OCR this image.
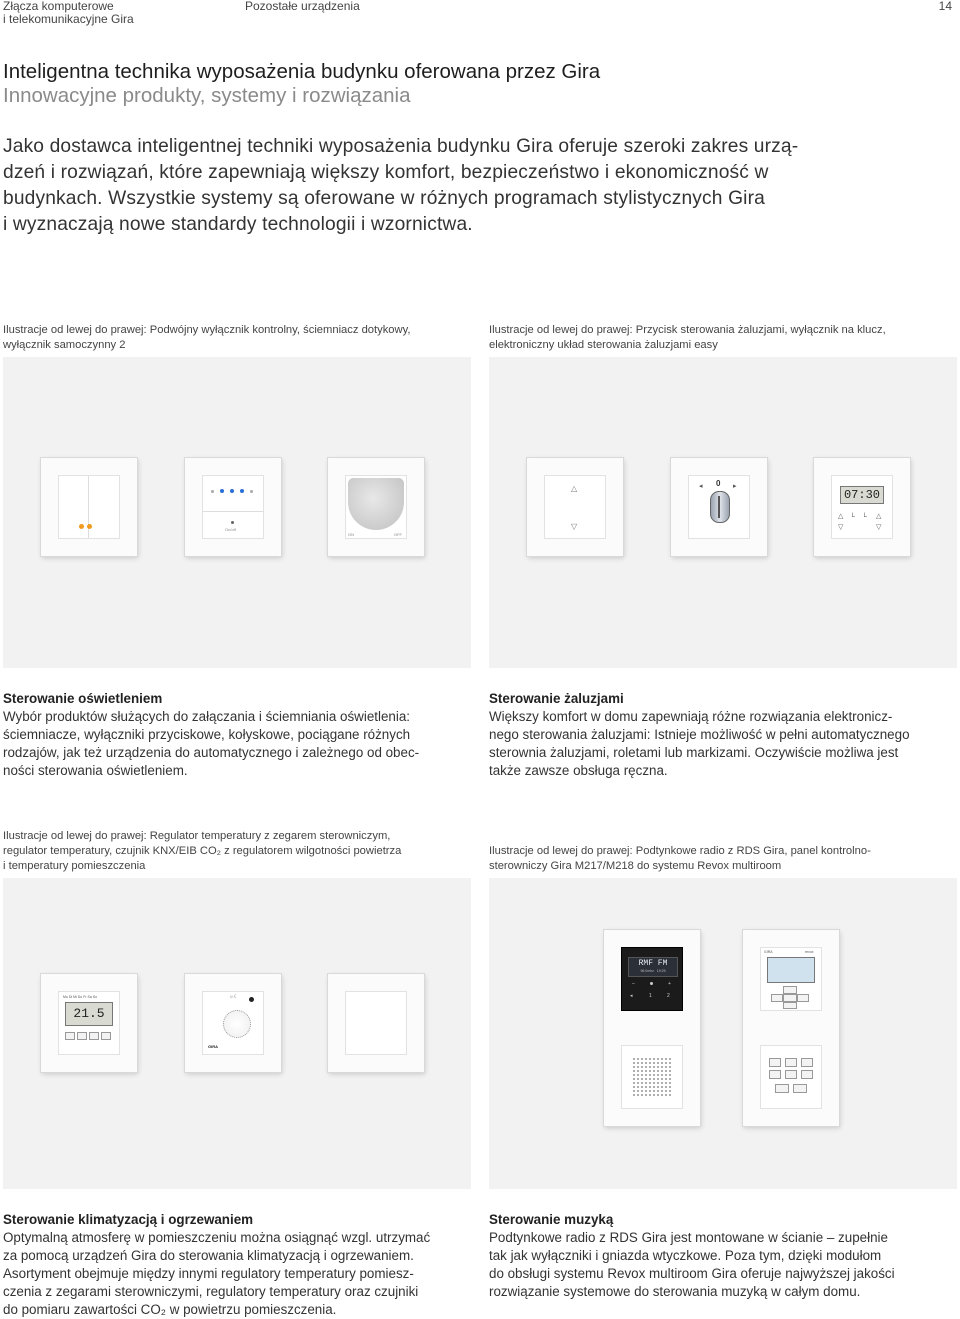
Złącza komputerowe
i telekomunikacyjne Gira
Pozostałe urządzenia	14
Inteligentna technika wyposażenia budynku oferowana przez Gira
Innowacyjne produkty, systemy i rozwiązania
Jako dostawca inteligentnej techniki wyposażenia budynku Gira oferuje szeroki zakres urzą-
dzeń i rozwiązań, które zapewniają większy komfort, bezpieczeństwo i ekonomiczność w
budynkach. Wszystkie systemy są oferowane w różnych programach stylistycznych Gira
i wyznaczają nowe standardy technologii i wzornictwa.
Ilustracje od lewej do prawej: Podwójny wyłącznik kontrolny, ściemniacz dotykowy,
wyłącznik samoczynny 2
On/off
ON	OFF
Sterowanie oświetleniem
Wybór produktów służących do załączania i ściemniania oświetlenia:
ściemniacze, wyłączniki przyciskowe, kołyskowe, pociągane różnych
rodzajów, jak też urządzenia do automatycznego i zależnego od obec-
ności sterowania oświetleniem.
Ilustracje od lewej do prawej: Przycisk sterowania żaluzjami, wyłącznik na klucz,
elektroniczny układ sterowania żaluzjami easy
△
▽
0
◂	▸
07:30
△ └ └ △
▽	▽
Sterowanie żaluzjami
Większy komfort w domu zapewniają różne rozwiązania elektronicz-
nego sterowania żaluzjami: Istnieje możliwość w pełni automatycznego
sterownia żaluzjami, roletami lub markizami. Oczywiście możliwa jest
także zawsze obsługa ręczna.
Ilustracje od lewej do prawej: Regulator temperatury z zegarem sterowniczym,
regulator temperatury, czujnik KNX/EIB CO₂ z regulatorem wilgotności powietrza
i temperatury pomieszczenia
Mo Di Mi Do Fr Sa So
21.5
☼☾
GIRA
Sterowanie klimatyzacją i ogrzewaniem
Optymalną atmosferę w pomieszczeniu można osiągnąć wzgl. utrzymać
za pomocą urządzeń Gira do sterowania klimatyzacją i ogrzewaniem.
Asortyment obejmuje między innymi regulatory temperatury pomiesz-
czenia z zegarami sterowniczymi, regulatory temperatury oraz czujniki
do pomiaru zawartości CO₂ w powietrzu pomieszczenia.
Ilustracje od lewej do prawej: Podtynkowe radio z RDS Gira, panel kontrolno-
sterowniczy Gira M217/M218 do systemu Revox multiroom
RMF FM
96.0mhz   19:25
–	+
◂	1	2
GIRA	revox
Sterowanie muzyką
Podtynkowe radio z RDS Gira jest montowane w ścianie – zupełnie
tak jak wyłączniki i gniazda wtyczkowe. Poza tym, dzięki modułom
do obsługi systemu Revox multiroom Gira oferuje najwyższej jakości
rozwiązanie systemowe do sterowania muzyką w całym domu.
